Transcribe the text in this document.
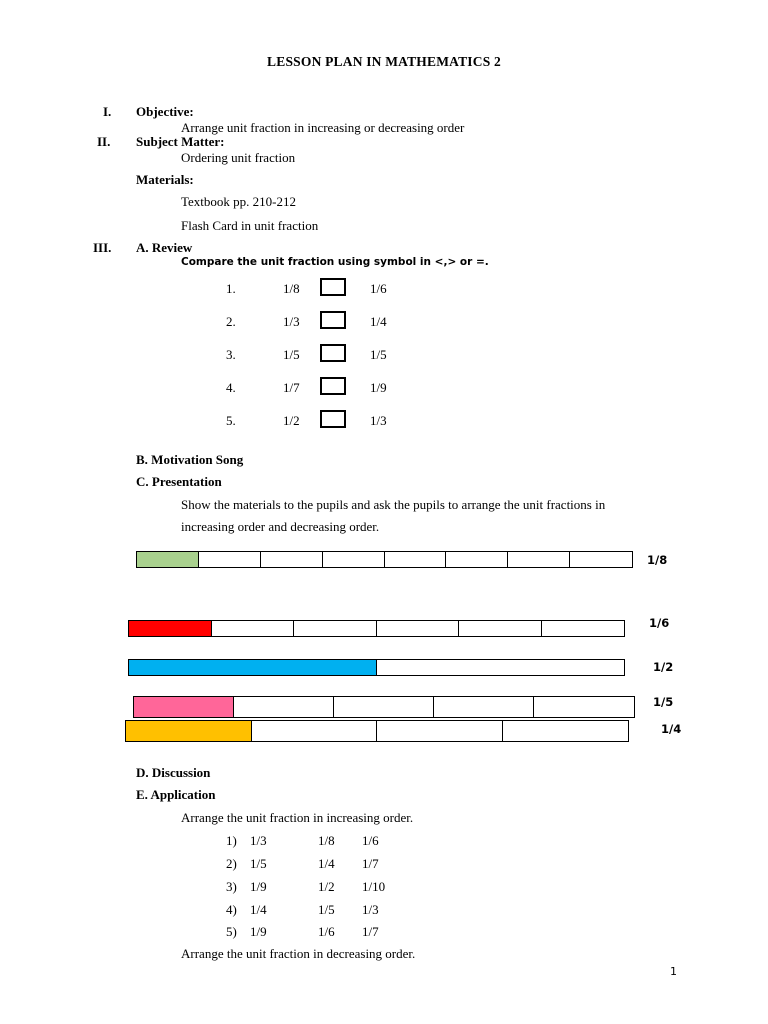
LESSON PLAN IN MATHEMATICS 2
I. Objective:
Arrange unit fraction in increasing or decreasing order
II. Subject Matter:
Ordering unit fraction
Materials:
Textbook pp. 210-212
Flash Card in unit fraction
III. A. Review
Compare the unit fraction using symbol in <,> or =.
1.	1/8	1/6
2.	1/3	1/4
3.	1/5	1/5
4.	1/7	1/9
5.	1/2	1/3
B. Motivation Song
C. Presentation
Show the materials to the pupils and ask the pupils to arrange the unit fractions in
increasing order and decreasing order.
1/8
1/6
1/2
1/5
1/4
D. Discussion
E. Application
Arrange the unit fraction in increasing order.
1) 1/3	1/8 1/6
2) 1/5	1/4 1/7
3) 1/9	1/2 1/10
4) 1/4	1/5 1/3
5) 1/9	1/6 1/7
Arrange the unit fraction in decreasing order.
1
